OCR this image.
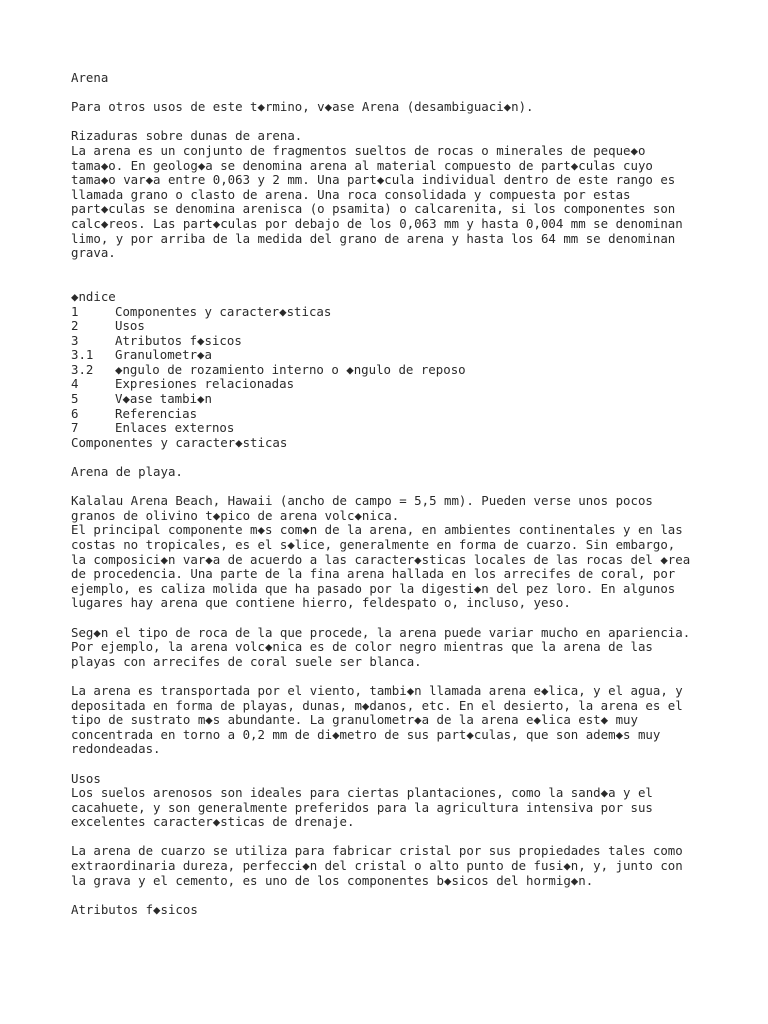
Arena
Para otros usos de este t◆rmino, v◆ase Arena (desambiguaci◆n).
Rizaduras sobre dunas de arena.
La arena es un conjunto de fragmentos sueltos de rocas o minerales de peque◆o
tama◆o. En geolog◆a se denomina arena al material compuesto de part◆culas cuyo
tama◆o var◆a entre 0,063 y 2 mm. Una part◆cula individual dentro de este rango es
llamada grano o clasto de arena. Una roca consolidada y compuesta por estas
part◆culas se denomina arenisca (o psamita) o calcarenita, si los componentes son
calc◆reos. Las part◆culas por debajo de los 0,063 mm y hasta 0,004 mm se denominan
limo, y por arriba de la medida del grano de arena y hasta los 64 mm se denominan
grava.
◆ndice
1	Componentes y caracter◆sticas
2	Usos
3	Atributos f◆sicos
3.1	Granulometr◆a
3.2	◆ngulo de rozamiento interno o ◆ngulo de reposo
4	Expresiones relacionadas
5	V◆ase tambi◆n
6	Referencias
7	Enlaces externos
Componentes y caracter◆sticas
Arena de playa.
Kalalau Arena Beach, Hawaii (ancho de campo = 5,5 mm). Pueden verse unos pocos
granos de olivino t◆pico de arena volc◆nica.
El principal componente m◆s com◆n de la arena, en ambientes continentales y en las
costas no tropicales, es el s◆lice, generalmente en forma de cuarzo. Sin embargo,
la composici◆n var◆a de acuerdo a las caracter◆sticas locales de las rocas del ◆rea
de procedencia. Una parte de la fina arena hallada en los arrecifes de coral, por
ejemplo, es caliza molida que ha pasado por la digesti◆n del pez loro. En algunos
lugares hay arena que contiene hierro, feldespato o, incluso, yeso.
Seg◆n el tipo de roca de la que procede, la arena puede variar mucho en apariencia.
Por ejemplo, la arena volc◆nica es de color negro mientras que la arena de las
playas con arrecifes de coral suele ser blanca.
La arena es transportada por el viento, tambi◆n llamada arena e◆lica, y el agua, y
depositada en forma de playas, dunas, m◆danos, etc. En el desierto, la arena es el
tipo de sustrato m◆s abundante. La granulometr◆a de la arena e◆lica est◆ muy
concentrada en torno a 0,2 mm de di◆metro de sus part◆culas, que son adem◆s muy
redondeadas.
Usos
Los suelos arenosos son ideales para ciertas plantaciones, como la sand◆a y el
cacahuete, y son generalmente preferidos para la agricultura intensiva por sus
excelentes caracter◆sticas de drenaje.
La arena de cuarzo se utiliza para fabricar cristal por sus propiedades tales como
extraordinaria dureza, perfecci◆n del cristal o alto punto de fusi◆n, y, junto con
la grava y el cemento, es uno de los componentes b◆sicos del hormig◆n.
Atributos f◆sicos
